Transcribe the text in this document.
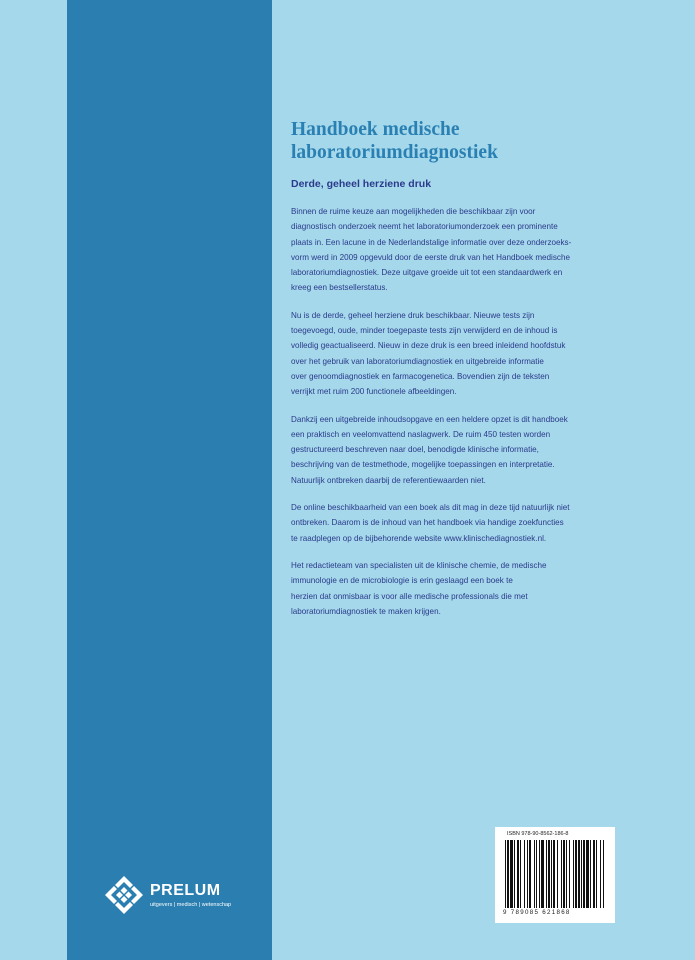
Handboek medische
laboratoriumdiagnostiek
Derde, geheel herziene druk

Binnen de ruime keuze aan mogelijkheden die beschikbaar zijn voor
diagnostisch onderzoek neemt het laboratoriumonderzoek een prominente
plaats in. Een lacune in de Nederlandstalige informatie over deze onderzoeks-
vorm werd in 2009 opgevuld door de eerste druk van het Handboek medische
laboratoriumdiagnostiek. Deze uitgave groeide uit tot een standaardwerk en
kreeg een bestsellerstatus.

Nu is de derde, geheel herziene druk beschikbaar. Nieuwe tests zijn
toegevoegd, oude, minder toegepaste tests zijn verwijderd en de inhoud is
volledig geactualiseerd. Nieuw in deze druk is een breed inleidend hoofdstuk
over het gebruik van laboratoriumdiagnostiek en uitgebreide informatie
over genoomdiagnostiek en farmacogenetica. Bovendien zijn de teksten
verrijkt met ruim 200 functionele afbeeldingen.

Dankzij een uitgebreide inhoudsopgave en een heldere opzet is dit handboek
een praktisch en veelomvattend naslagwerk. De ruim 450 testen worden
gestructureerd beschreven naar doel, benodigde klinische informatie,
beschrijving van de testmethode, mogelijke toepassingen en interpretatie.
Natuurlijk ontbreken daarbij de referentiewaarden niet.

De online beschikbaarheid van een boek als dit mag in deze tijd natuurlijk niet
ontbreken. Daarom is de inhoud van het handboek via handige zoekfuncties
te raadplegen op de bijbehorende website www.klinischediagnostiek.nl.

Het redactieteam van specialisten uit de klinische chemie, de medische
immunologie en de microbiologie is erin geslaagd een boek te
herzien dat onmisbaar is voor alle medische professionals die met
laboratoriumdiagnostiek te maken krijgen.

PRELUM
uitgevers | medisch | wetenschap
ISBN 978-90-8562-186-8
9 789085 621868
